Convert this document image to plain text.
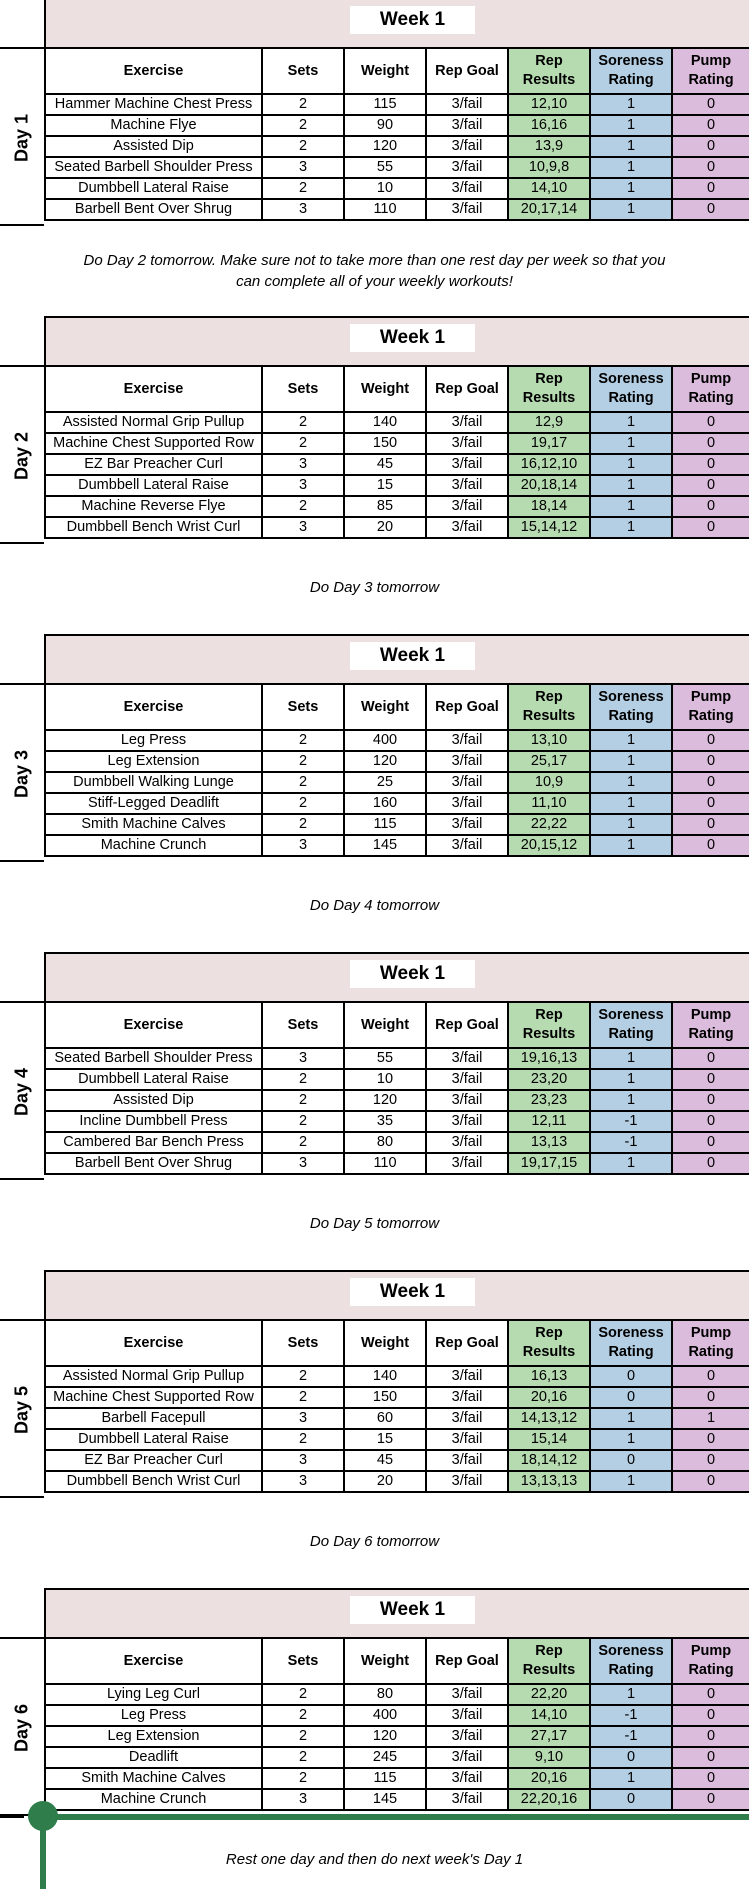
Week 1
Day 1
Exercise	Sets	Weight	Rep Goal	Rep Results	Soreness Rating	Pump Rating
Hammer Machine Chest Press	2	115	3/fail	12,10	1	0
Machine Flye	2	90	3/fail	16,16	1	0
Assisted Dip	2	120	3/fail	13,9	1	0
Seated Barbell Shoulder Press	3	55	3/fail	10,9,8	1	0
Dumbbell Lateral Raise	2	10	3/fail	14,10	1	0
Barbell Bent Over Shrug	3	110	3/fail	20,17,14	1	0
Do Day 2 tomorrow. Make sure not to take more than one rest day per week so that you can complete all of your weekly workouts!
Week 1
Day 2
Exercise	Sets	Weight	Rep Goal	Rep Results	Soreness Rating	Pump Rating
Assisted Normal Grip Pullup	2	140	3/fail	12,9	1	0
Machine Chest Supported Row	2	150	3/fail	19,17	1	0
EZ Bar Preacher Curl	3	45	3/fail	16,12,10	1	0
Dumbbell Lateral Raise	3	15	3/fail	20,18,14	1	0
Machine Reverse Flye	2	85	3/fail	18,14	1	0
Dumbbell Bench Wrist Curl	3	20	3/fail	15,14,12	1	0
Do Day 3 tomorrow
Week 1
Day 3
Exercise	Sets	Weight	Rep Goal	Rep Results	Soreness Rating	Pump Rating
Leg Press	2	400	3/fail	13,10	1	0
Leg Extension	2	120	3/fail	25,17	1	0
Dumbbell Walking Lunge	2	25	3/fail	10,9	1	0
Stiff-Legged Deadlift	2	160	3/fail	11,10	1	0
Smith Machine Calves	2	115	3/fail	22,22	1	0
Machine Crunch	3	145	3/fail	20,15,12	1	0
Do Day 4 tomorrow
Week 1
Day 4
Exercise	Sets	Weight	Rep Goal	Rep Results	Soreness Rating	Pump Rating
Seated Barbell Shoulder Press	3	55	3/fail	19,16,13	1	0
Dumbbell Lateral Raise	2	10	3/fail	23,20	1	0
Assisted Dip	2	120	3/fail	23,23	1	0
Incline Dumbbell Press	2	35	3/fail	12,11	-1	0
Cambered Bar Bench Press	2	80	3/fail	13,13	-1	0
Barbell Bent Over Shrug	3	110	3/fail	19,17,15	1	0
Do Day 5 tomorrow
Week 1
Day 5
Exercise	Sets	Weight	Rep Goal	Rep Results	Soreness Rating	Pump Rating
Assisted Normal Grip Pullup	2	140	3/fail	16,13	0	0
Machine Chest Supported Row	2	150	3/fail	20,16	0	0
Barbell Facepull	3	60	3/fail	14,13,12	1	1
Dumbbell Lateral Raise	2	15	3/fail	15,14	1	0
EZ Bar Preacher Curl	3	45	3/fail	18,14,12	0	0
Dumbbell Bench Wrist Curl	3	20	3/fail	13,13,13	1	0
Do Day 6 tomorrow
Week 1
Day 6
Exercise	Sets	Weight	Rep Goal	Rep Results	Soreness Rating	Pump Rating
Lying Leg Curl	2	80	3/fail	22,20	1	0
Leg Press	2	400	3/fail	14,10	-1	0
Leg Extension	2	120	3/fail	27,17	-1	0
Deadlift	2	245	3/fail	9,10	0	0
Smith Machine Calves	2	115	3/fail	20,16	1	0
Machine Crunch	3	145	3/fail	22,20,16	0	0
Rest one day and then do next week's Day 1
